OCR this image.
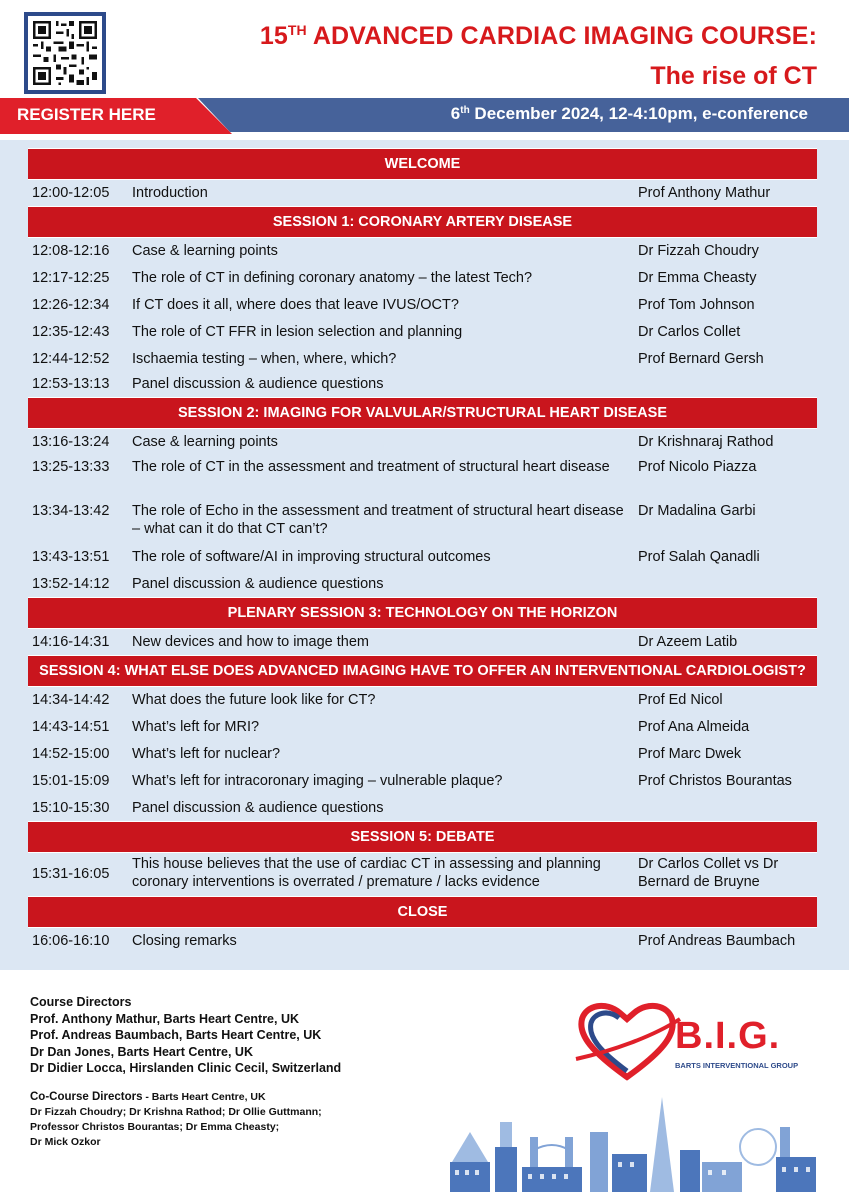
15TH ADVANCED CARDIAC IMAGING COURSE:
The rise of CT
6th December 2024, 12-4:10pm, e-conference
REGISTER HERE
WELCOME		
12:00-12:05	Introduction	Prof Anthony Mathur
SESSION 1: CORONARY ARTERY DISEASE		
12:08-12:16	Case & learning points	Dr Fizzah Choudry
12:17-12:25	The role of CT in defining coronary anatomy – the latest Tech?	Dr Emma Cheasty
12:26-12:34	If CT does it all, where does that leave IVUS/OCT?	Prof Tom Johnson
12:35-12:43	The role of CT FFR in lesion selection and planning	Dr Carlos Collet
12:44-12:52	Ischaemia testing – when, where, which?	Prof Bernard Gersh
12:53-13:13	Panel discussion & audience questions	
SESSION 2: IMAGING FOR VALVULAR/STRUCTURAL HEART DISEASE		
13:16-13:24	Case & learning points	Dr Krishnaraj Rathod
13:25-13:33	The role of CT in the assessment and treatment of structural heart disease	Prof Nicolo Piazza
13:34-13:42	The role of Echo in the assessment and treatment of structural heart disease – what can it do that CT can’t?	Dr Madalina Garbi
13:43-13:51	The role of software/AI in improving structural outcomes	Prof Salah Qanadli
13:52-14:12	Panel discussion & audience questions	
PLENARY SESSION 3: TECHNOLOGY ON THE HORIZON		
14:16-14:31	New devices and how to image them	Dr Azeem Latib
SESSION 4: WHAT ELSE DOES ADVANCED IMAGING HAVE TO OFFER AN INTERVENTIONAL CARDIOLOGIST?		
14:34-14:42	What does the future look like for CT?	Prof Ed Nicol
14:43-14:51	What’s left for MRI?	Prof Ana Almeida
14:52-15:00	What’s left for nuclear?	Prof Marc Dwek
15:01-15:09	What’s left for intracoronary imaging – vulnerable plaque?	Prof Christos Bourantas
15:10-15:30	Panel discussion & audience questions	
SESSION 5: DEBATE		
15:31-16:05	This house believes that the use of cardiac CT in assessing and planning coronary interventions is overrated / premature / lacks evidence	Dr Carlos Collet vs Dr Bernard de Bruyne
CLOSE		
16:06-16:10	Closing remarks	Prof Andreas Baumbach
Course Directors
Prof. Anthony Mathur, Barts Heart Centre, UK
Prof. Andreas Baumbach, Barts Heart Centre, UK
Dr Dan Jones, Barts Heart Centre, UK
Dr Didier Locca, Hirslanden Clinic Cecil, Switzerland
Co-Course Directors - Barts Heart Centre, UK
Dr Fizzah Choudry; Dr Krishna Rathod; Dr Ollie Guttmann;
Professor Christos Bourantas; Dr Emma Cheasty;
Dr Mick Ozkor
B.I.G.
BARTS INTERVENTIONAL GROUP
